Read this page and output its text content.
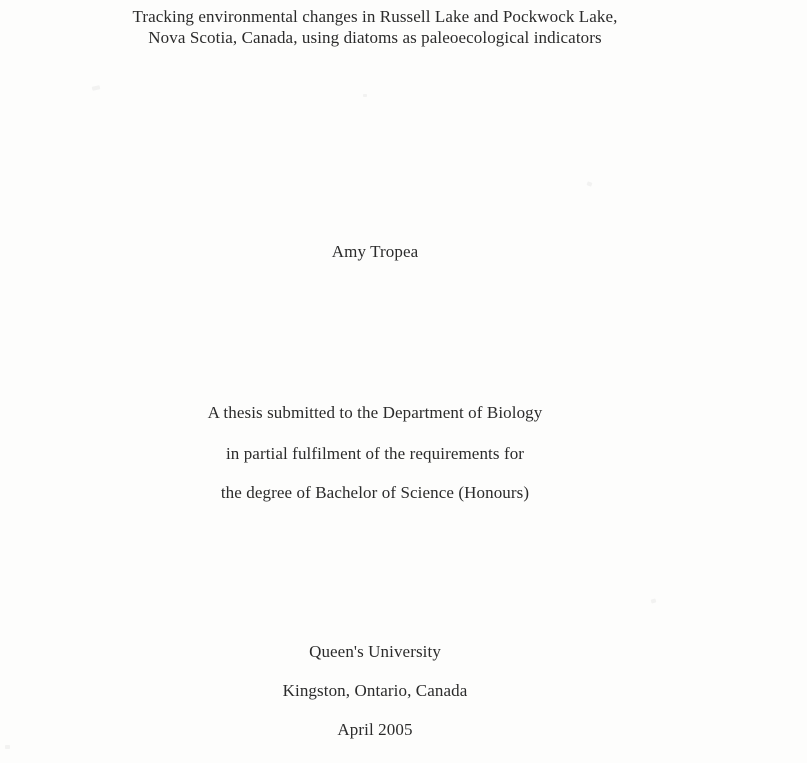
Tracking environmental changes in Russell Lake and Pockwock Lake,
Nova Scotia, Canada, using diatoms as paleoecological indicators
Amy Tropea
A thesis submitted to the Department of Biology
in partial fulfilment of the requirements for
the degree of Bachelor of Science (Honours)
Queen's University
Kingston, Ontario, Canada
April 2005
